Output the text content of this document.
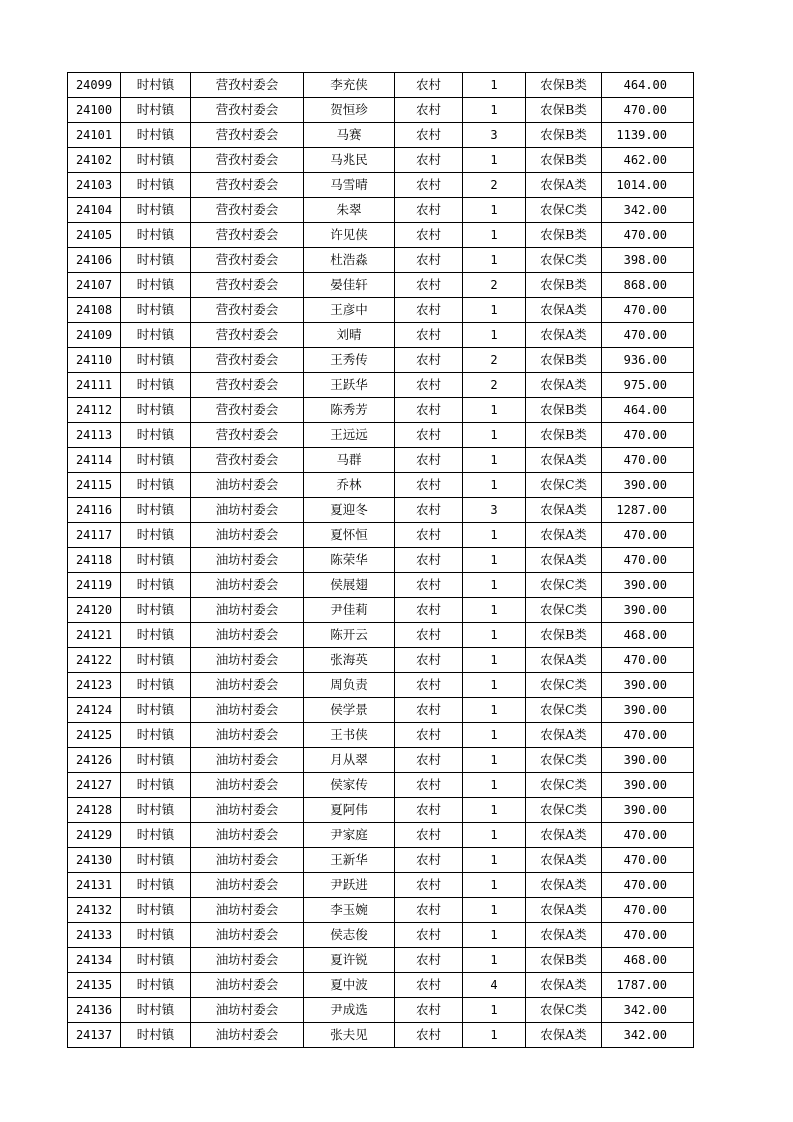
24099	时村镇	营孜村委会	李充侠	农村	1	农保B类	464.00
24100	时村镇	营孜村委会	贺恒珍	农村	1	农保B类	470.00
24101	时村镇	营孜村委会	马赛	农村	3	农保B类	1139.00
24102	时村镇	营孜村委会	马兆民	农村	1	农保B类	462.00
24103	时村镇	营孜村委会	马雪晴	农村	2	农保A类	1014.00
24104	时村镇	营孜村委会	朱翠	农村	1	农保C类	342.00
24105	时村镇	营孜村委会	许见侠	农村	1	农保B类	470.00
24106	时村镇	营孜村委会	杜浩淼	农村	1	农保C类	398.00
24107	时村镇	营孜村委会	晏佳轩	农村	2	农保B类	868.00
24108	时村镇	营孜村委会	王彦中	农村	1	农保A类	470.00
24109	时村镇	营孜村委会	刘晴	农村	1	农保A类	470.00
24110	时村镇	营孜村委会	王秀传	农村	2	农保B类	936.00
24111	时村镇	营孜村委会	王跃华	农村	2	农保A类	975.00
24112	时村镇	营孜村委会	陈秀芳	农村	1	农保B类	464.00
24113	时村镇	营孜村委会	王远远	农村	1	农保B类	470.00
24114	时村镇	营孜村委会	马群	农村	1	农保A类	470.00
24115	时村镇	油坊村委会	乔林	农村	1	农保C类	390.00
24116	时村镇	油坊村委会	夏迎冬	农村	3	农保A类	1287.00
24117	时村镇	油坊村委会	夏怀恒	农村	1	农保A类	470.00
24118	时村镇	油坊村委会	陈荣华	农村	1	农保A类	470.00
24119	时村镇	油坊村委会	侯展翅	农村	1	农保C类	390.00
24120	时村镇	油坊村委会	尹佳莉	农村	1	农保C类	390.00
24121	时村镇	油坊村委会	陈开云	农村	1	农保B类	468.00
24122	时村镇	油坊村委会	张海英	农村	1	农保A类	470.00
24123	时村镇	油坊村委会	周负责	农村	1	农保C类	390.00
24124	时村镇	油坊村委会	侯学景	农村	1	农保C类	390.00
24125	时村镇	油坊村委会	王书侠	农村	1	农保A类	470.00
24126	时村镇	油坊村委会	月从翠	农村	1	农保C类	390.00
24127	时村镇	油坊村委会	侯家传	农村	1	农保C类	390.00
24128	时村镇	油坊村委会	夏阿伟	农村	1	农保C类	390.00
24129	时村镇	油坊村委会	尹家庭	农村	1	农保A类	470.00
24130	时村镇	油坊村委会	王新华	农村	1	农保A类	470.00
24131	时村镇	油坊村委会	尹跃进	农村	1	农保A类	470.00
24132	时村镇	油坊村委会	李玉婉	农村	1	农保A类	470.00
24133	时村镇	油坊村委会	侯志俊	农村	1	农保A类	470.00
24134	时村镇	油坊村委会	夏许锐	农村	1	农保B类	468.00
24135	时村镇	油坊村委会	夏中波	农村	4	农保A类	1787.00
24136	时村镇	油坊村委会	尹成选	农村	1	农保C类	342.00
24137	时村镇	油坊村委会	张夫见	农村	1	农保A类	342.00
